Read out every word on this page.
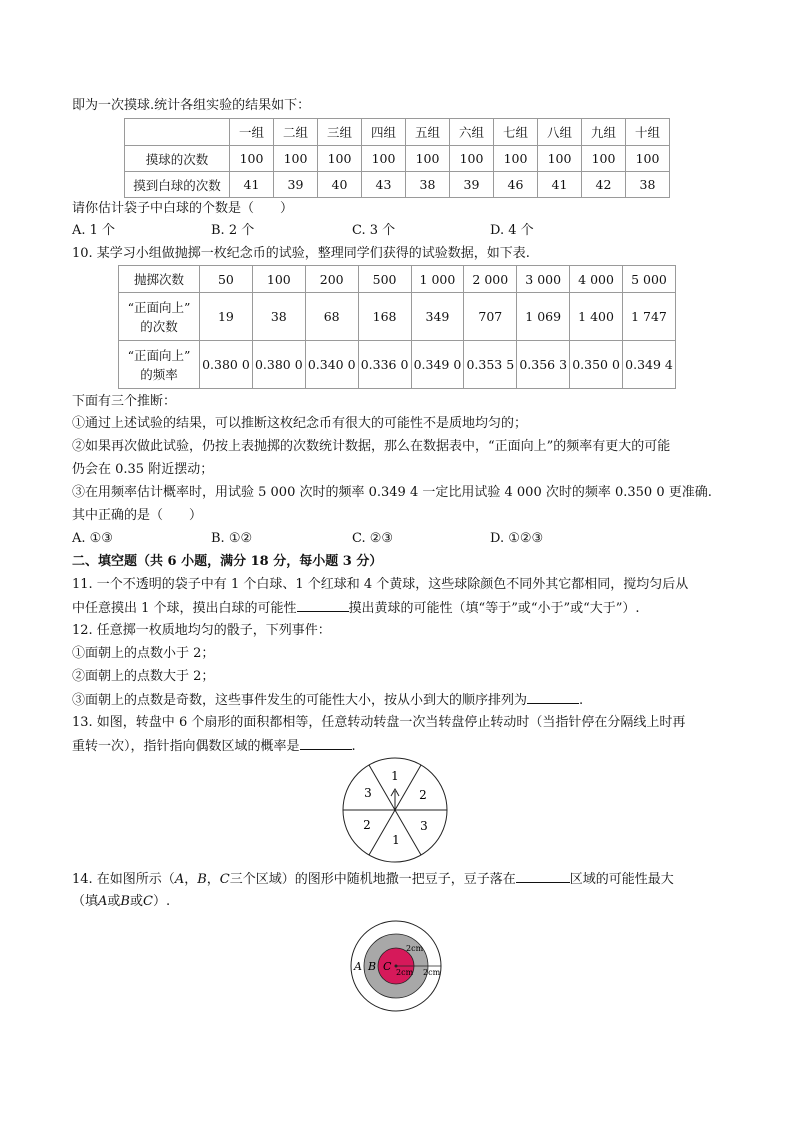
即为一次摸球.统计各组实验的结果如下：
	一组	二组	三组	四组	五组	六组	七组	八组	九组	十组
摸球的次数	100	100	100	100	100	100	100	100	100	100
摸到白球的次数	41	39	40	43	38	39	46	41	42	38
请你估计袋子中白球的个数是（　　）
A. 1 个	B. 2 个	C. 3 个	D. 4 个
10. 某学习小组做抛掷一枚纪念币的试验，整理同学们获得的试验数据，如下表.
抛掷次数	50	100	200	500	1 000	2 000	3 000	4 000	5 000

“正面向上”
的次数	19	38	68	168	349	707	1 069	1 400	1 747

“正面向上”
的频率	0.380 0	0.380 0	0.340 0	0.336 0	0.349 0	0.353 5	0.356 3	0.350 0	0.349 4
下面有三个推断：
①通过上述试验的结果，可以推断这枚纪念币有很大的可能性不是质地均匀的；
②如果再次做此试验，仍按上表抛掷的次数统计数据，那么在数据表中，“正面向上”的频率有更大的可能
仍会在 0.35 附近摆动；
③在用频率估计概率时，用试验 5 000 次时的频率 0.349 4 一定比用试验 4 000 次时的频率 0.350 0 更准确.
其中正确的是（　　）
A. ①③	B. ①②	C. ②③	D. ①②③
二、填空题（共 6 小题，满分 18 分，每小题 3 分）
11. 一个不透明的袋子中有 1 个白球、1 个红球和 4 个黄球，这些球除颜色不同外其它都相同，搅均匀后从
中任意摸出 1 个球，摸出白球的可能性	摸出黄球的可能性（填“等于”或“小于”或“大于”）.
12. 任意掷一枚质地均匀的骰子，下列事件：
①面朝上的点数小于 2；
②面朝上的点数大于 2；
③面朝上的点数是奇数，这些事件发生的可能性大小，按从小到大的顺序排列为	.
13. 如图，转盘中 6 个扇形的面积都相等，任意转动转盘一次当转盘停止转动时（当指针停在分隔线上时再
重转一次），指针指向偶数区域的概率是	.
1
2
3
1
2
3
14. 在如图所示（A，B，C三个区域）的图形中随机地撒一把豆子，豆子落在	区域的可能性最大
（填A或B或C）.
A B C
2cm
2cm 2cm
